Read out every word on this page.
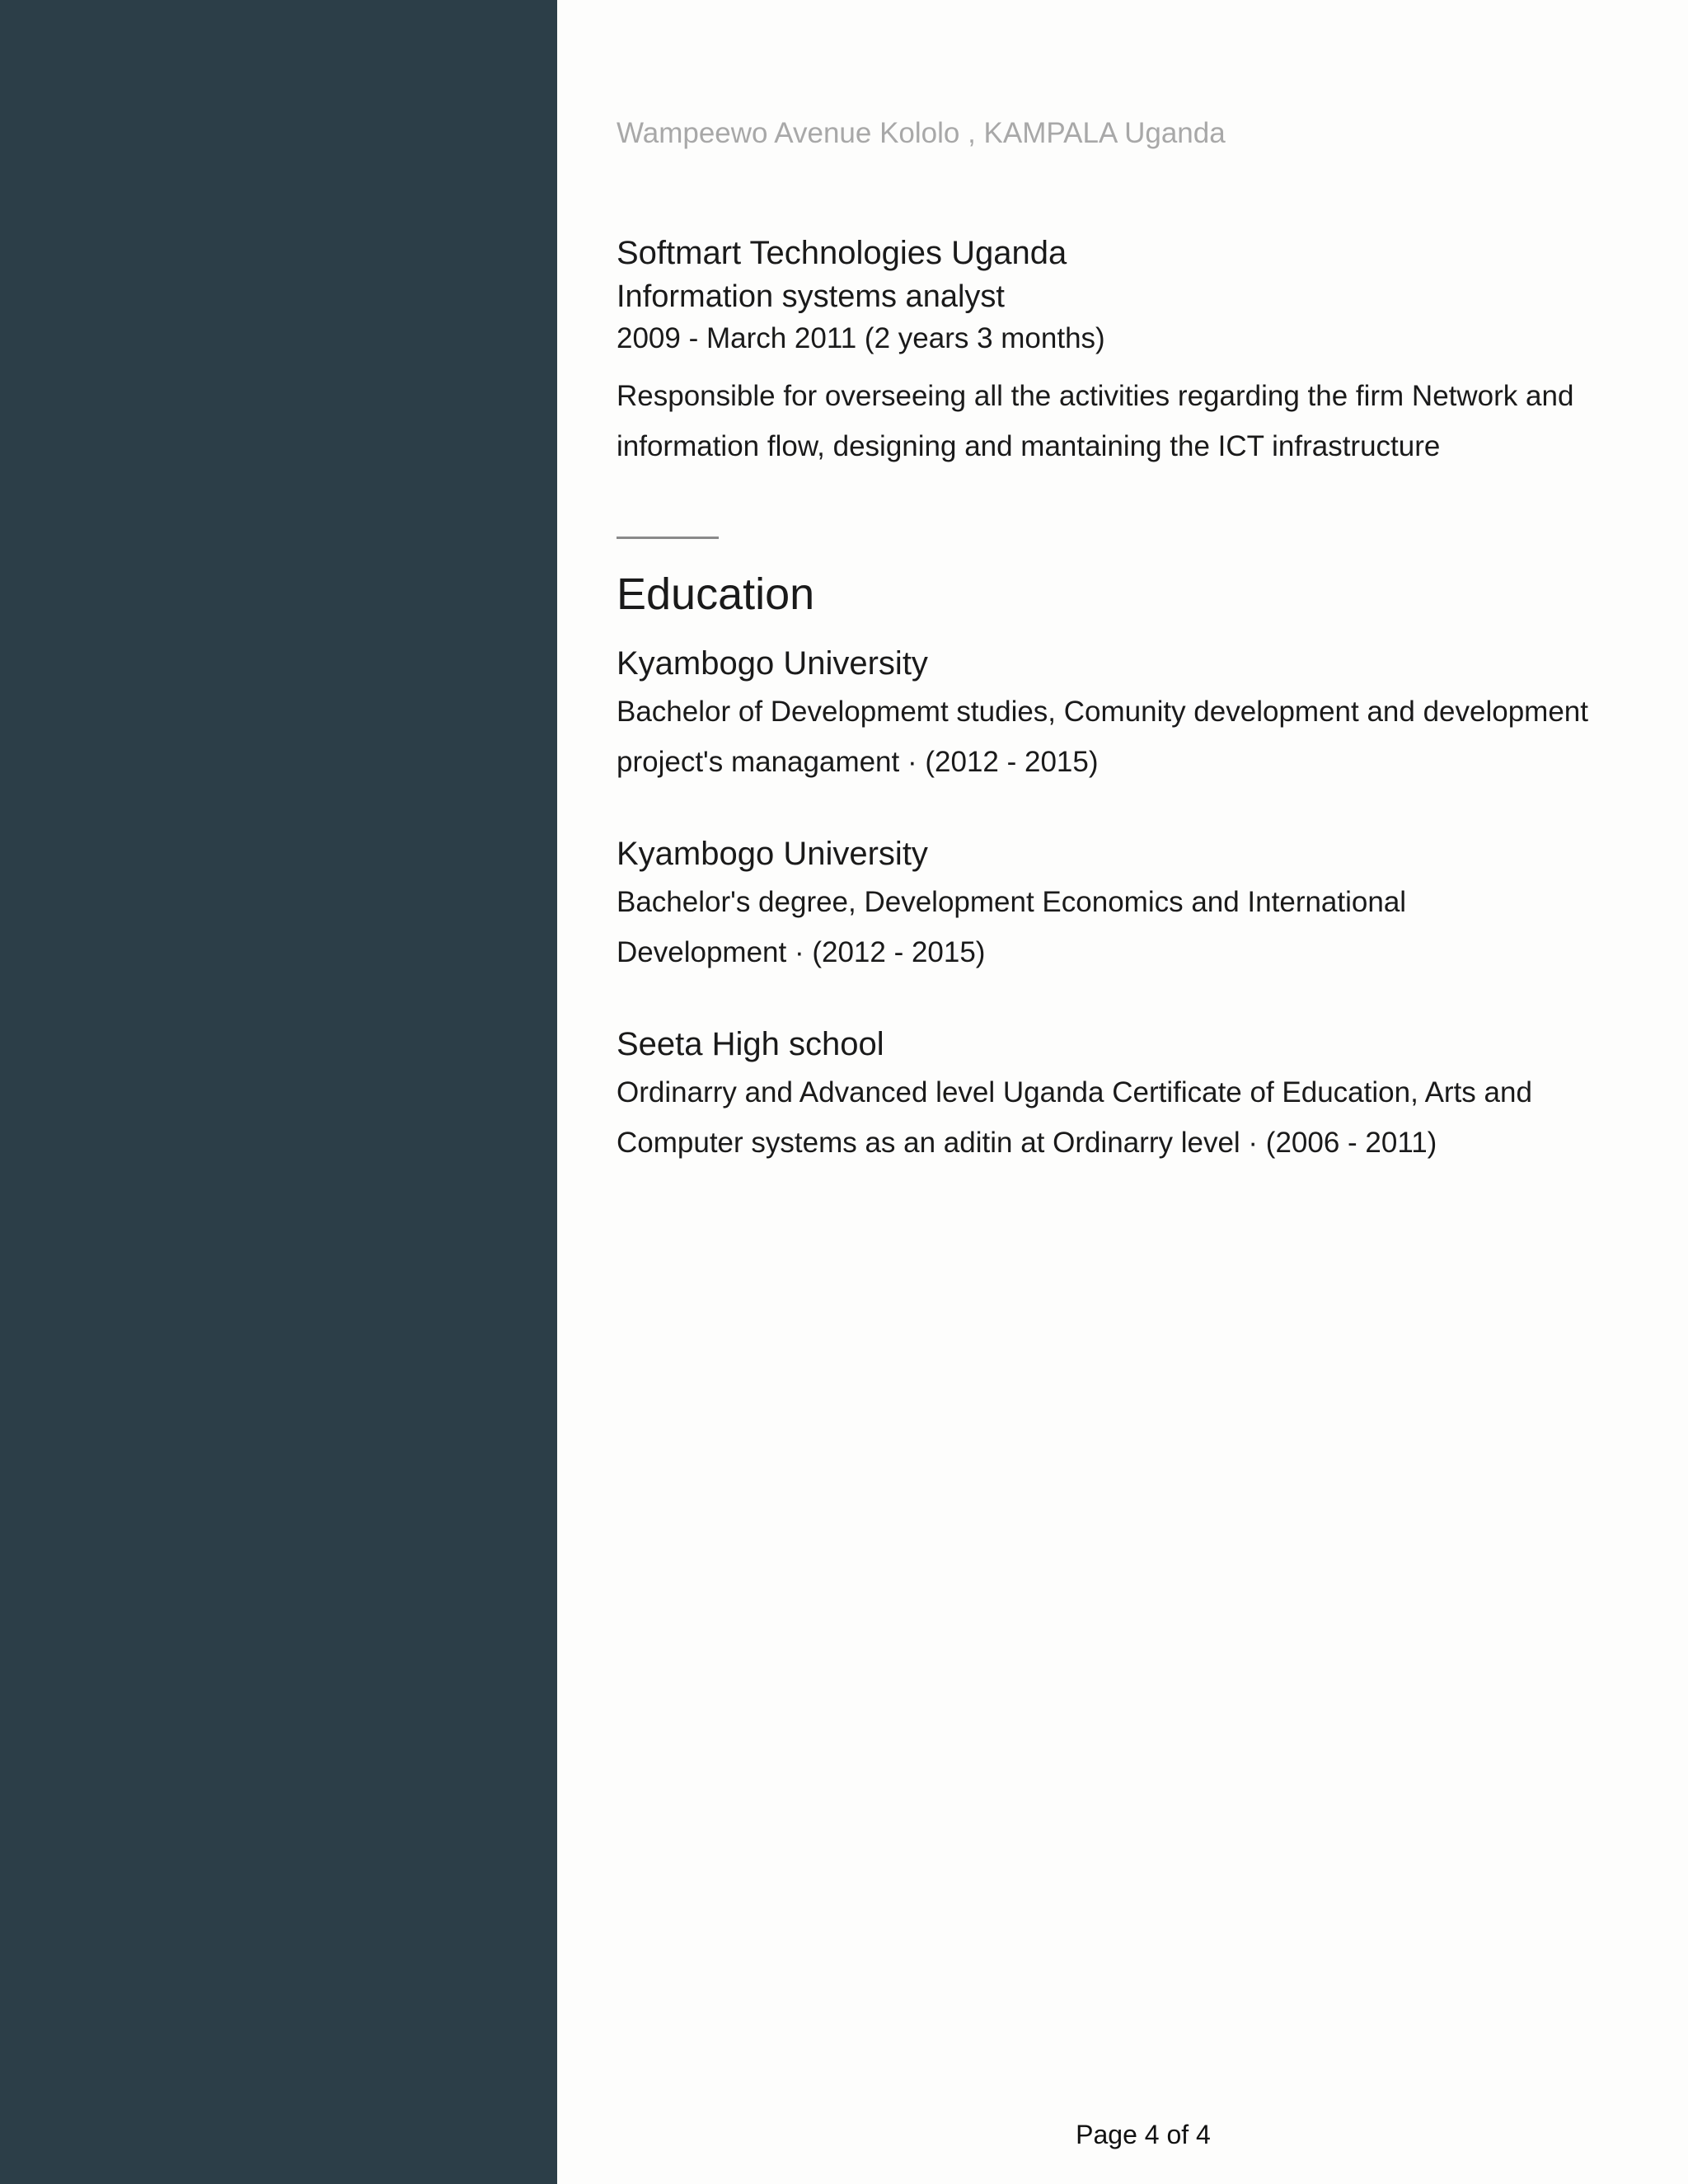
Wampeewo Avenue Kololo , KAMPALA Uganda
Softmart Technologies Uganda
Information systems analyst
2009 - March 2011 (2 years 3 months)
Responsible for overseeing all the activities regarding the firm Network and information flow, designing and mantaining the ICT infrastructure
Education
Kyambogo University
Bachelor of Developmemt studies, Comunity development and development project's managament · (2012 - 2015)
Kyambogo University
Bachelor's degree, Development Economics and International Development · (2012 - 2015)
Seeta High school
Ordinarry and Advanced level Uganda Certificate of Education, Arts and Computer systems as an aditin at Ordinarry level · (2006 - 2011)
Page 4 of 4
